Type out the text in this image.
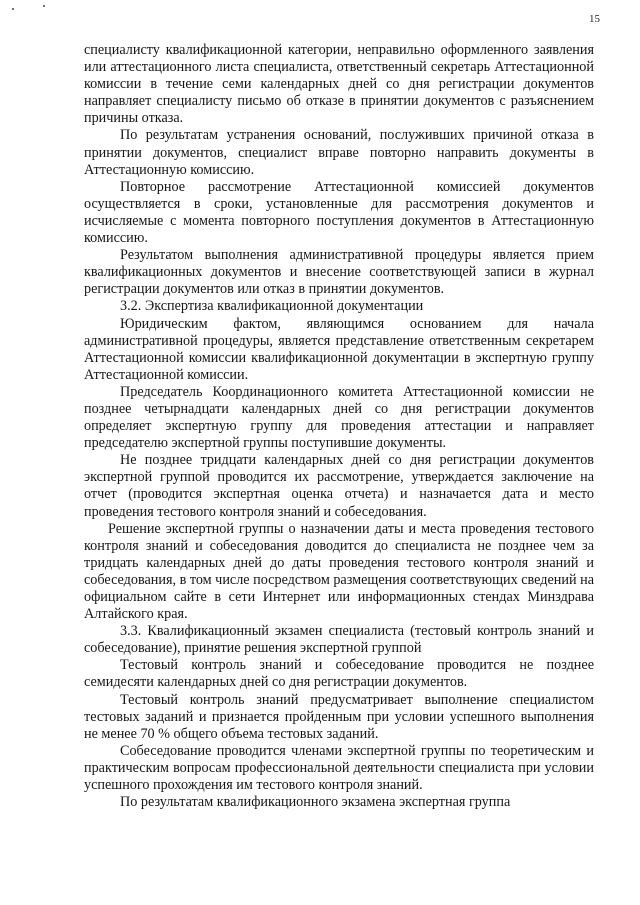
15

специалисту квалификационной категории, неправильно оформленного заявления или аттестационного листа специалиста, ответственный секретарь Аттестационной комиссии в течение семи календарных дней со дня регистрации документов направляет специалисту письмо об отказе в принятии документов с разъяснением причины отказа.

По результатам устранения оснований, послуживших причиной отказа в принятии документов, специалист вправе повторно направить документы в Аттестационную комиссию.

Повторное рассмотрение Аттестационной комиссией документов осуществляется в сроки, установленные для рассмотрения документов и исчисляемые с момента повторного поступления документов в Аттестационную комиссию.

Результатом выполнения административной процедуры является прием квалификационных документов и внесение соответствующей записи в журнал регистрации документов или отказ в принятии документов.

3.2. Экспертиза квалификационной документации

Юридическим фактом, являющимся основанием для начала административной процедуры, является представление ответственным секретарем Аттестационной комиссии квалификационной документации в экспертную группу Аттестационной комиссии.

Председатель Координационного комитета Аттестационной комиссии не позднее четырнадцати календарных дней со дня регистрации документов определяет экспертную группу для проведения аттестации и направляет председателю экспертной группы поступившие документы.

Не позднее тридцати календарных дней со дня регистрации документов экспертной группой проводится их рассмотрение, утверждается заключение на отчет (проводится экспертная оценка отчета) и назначается дата и место проведения тестового контроля знаний и собеседования.

Решение экспертной группы о назначении даты и места проведения тестового контроля знаний и собеседования доводится до специалиста не позднее чем за тридцать календарных дней до даты проведения тестового контроля знаний и собеседования, в том числе посредством размещения соответствующих сведений на официальном сайте в сети Интернет или информационных стендах Минздрава Алтайского края.

3.3. Квалификационный экзамен специалиста (тестовый контроль знаний и собеседование), принятие решения экспертной группой

Тестовый контроль знаний и собеседование проводится не позднее семидесяти календарных дней со дня регистрации документов.

Тестовый контроль знаний предусматривает выполнение специалистом тестовых заданий и признается пройденным при условии успешного выполнения не менее 70 % общего объема тестовых заданий.

Собеседование проводится членами экспертной группы по теоретическим и практическим вопросам профессиональной деятельности специалиста при условии успешного прохождения им тестового контроля знаний.

По результатам квалификационного экзамена экспертная группа
